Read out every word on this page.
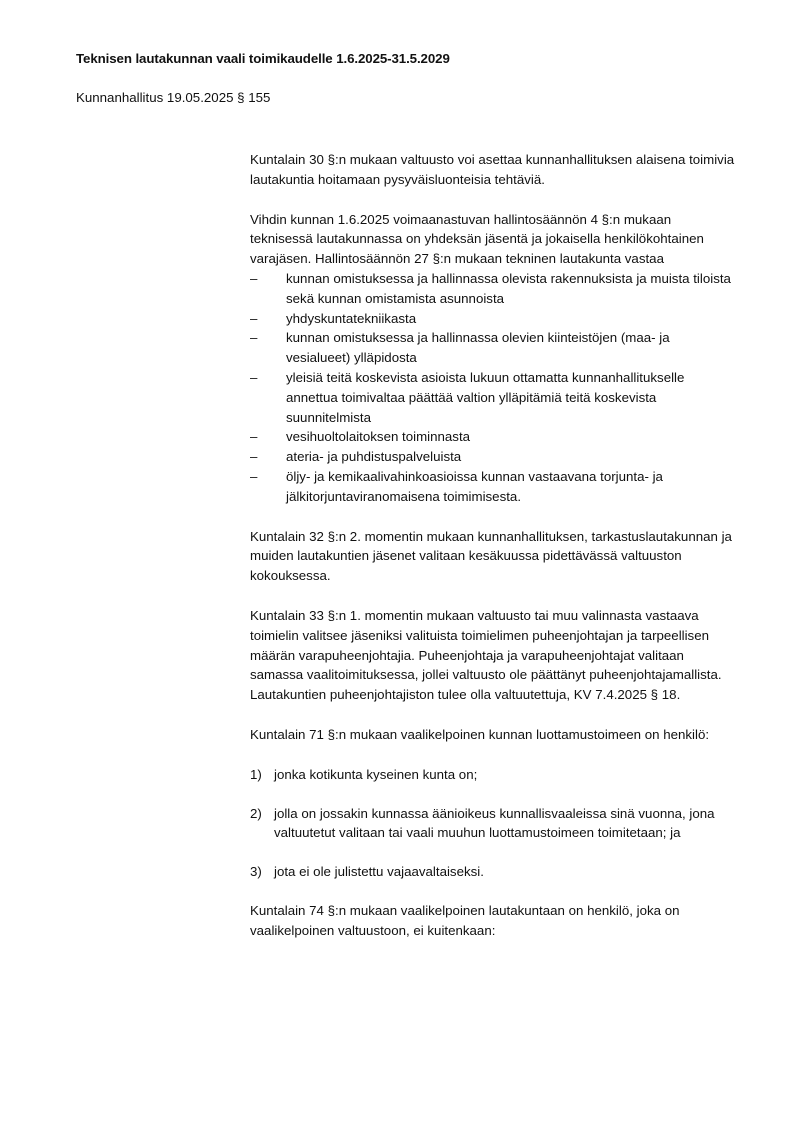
Teknisen lautakunnan vaali toimikaudelle 1.6.2025-31.5.2029
Kunnanhallitus 19.05.2025 § 155

Kuntalain 30 §:n mukaan valtuusto voi asettaa kunnanhallituksen alaisena toimivia lautakuntia hoitamaan pysyväisluonteisia tehtäviä.

Vihdin kunnan 1.6.2025 voimaanastuvan hallintosäännön 4 §:n mukaan teknisessä lautakunnassa on yhdeksän jäsentä ja jokaisella henkilökohtainen varajäsen. Hallintosäännön 27 §:n mukaan tekninen lautakunta vastaa

– kunnan omistuksessa ja hallinnassa olevista rakennuksista ja muista tiloista sekä kunnan omistamista asunnoista
– yhdyskuntatekniikasta
– kunnan omistuksessa ja hallinnassa olevien kiinteistöjen (maa- ja vesialueet) ylläpidosta
– yleisiä teitä koskevista asioista lukuun ottamatta kunnanhallitukselle annettua toimivaltaa päättää valtion ylläpitämiä teitä koskevista suunnitelmista
– vesihuoltolaitoksen toiminnasta
– ateria- ja puhdistuspalveluista
– öljy- ja kemikaalivahinkoasioissa kunnan vastaavana torjunta- ja jälkitorjuntaviranomaisena toimimisesta.

Kuntalain 32 §:n 2. momentin mukaan kunnanhallituksen, tarkastuslautakunnan ja muiden lautakuntien jäsenet valitaan kesäkuussa pidettävässä valtuuston kokouksessa.

Kuntalain 33 §:n 1. momentin mukaan valtuusto tai muu valinnasta vastaava toimielin valitsee jäseniksi valituista toimielimen puheenjohtajan ja tarpeellisen määrän varapuheenjohtajia. Puheenjohtaja ja varapuheenjohtajat valitaan samassa vaalitoimituksessa, jollei valtuusto ole päättänyt puheenjohtajamallista. Lautakuntien puheenjohtajiston tulee olla valtuutettuja, KV 7.4.2025 § 18.

Kuntalain 71 §:n mukaan vaalikelpoinen kunnan luottamustoimeen on henkilö:

1) jonka kotikunta kyseinen kunta on;
2) jolla on jossakin kunnassa äänioikeus kunnallisvaaleissa sinä vuonna, jona valtuutetut valitaan tai vaali muuhun luottamustoimeen toimitetaan; ja
3) jota ei ole julistettu vajaavaltaiseksi.

Kuntalain 74 §:n mukaan vaalikelpoinen lautakuntaan on henkilö, joka on vaalikelpoinen valtuustoon, ei kuitenkaan:
